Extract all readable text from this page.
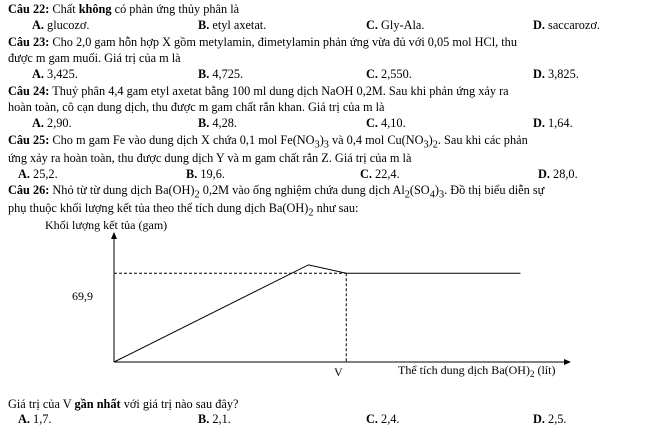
Câu 22: Chất không có phản ứng thủy phân là
A. glucozơ.	B. etyl axetat.	C. Gly-Ala.	D. saccarozơ.
Câu 23: Cho 2,0 gam hỗn hợp X gồm metylamin, đimetylamin phản ứng vừa đủ với 0,05 mol HCl, thu
được m gam muối. Giá trị của m là
A. 3,425.	B. 4,725.	C. 2,550.	D. 3,825.
Câu 24: Thuỷ phân 4,4 gam etyl axetat bằng 100 ml dung dịch NaOH 0,2M. Sau khi phản ứng xảy ra
hoàn toàn, cô cạn dung dịch, thu được m gam chất rắn khan. Giá trị của m là
A. 2,90.	B. 4,28.	C. 4,10.	D. 1,64.
Câu 25: Cho m gam Fe vào dung dịch X chứa 0,1 mol $Fe(NO_3)_3$ và 0,4 mol $Cu(NO_3)_2$. Sau khi các phản
ứng xảy ra hoàn toàn, thu được dung dịch Y và m gam chất rắn Z. Giá trị của m là
A. 25,2.	B. 19,6.	C. 22,4.	D. 28,0.
Câu 26: Nhỏ từ từ dung dịch $Ba(OH)_2$ 0,2M vào ống nghiệm chứa dung dịch $Al_2(SO_4)_3$. Đồ thị biểu diễn sự
phụ thuộc khối lượng kết tủa theo thể tích dung dịch $Ba(OH)_2$ như sau:
Khối lượng kết tủa (gam)
69,9
V	Thể tích dung dịch $Ba(OH)_2$ (lít)
Giá trị của V gần nhất với giá trị nào sau đây?
A. 1,7.	B. 2,1.	C. 2,4.	D. 2,5.
